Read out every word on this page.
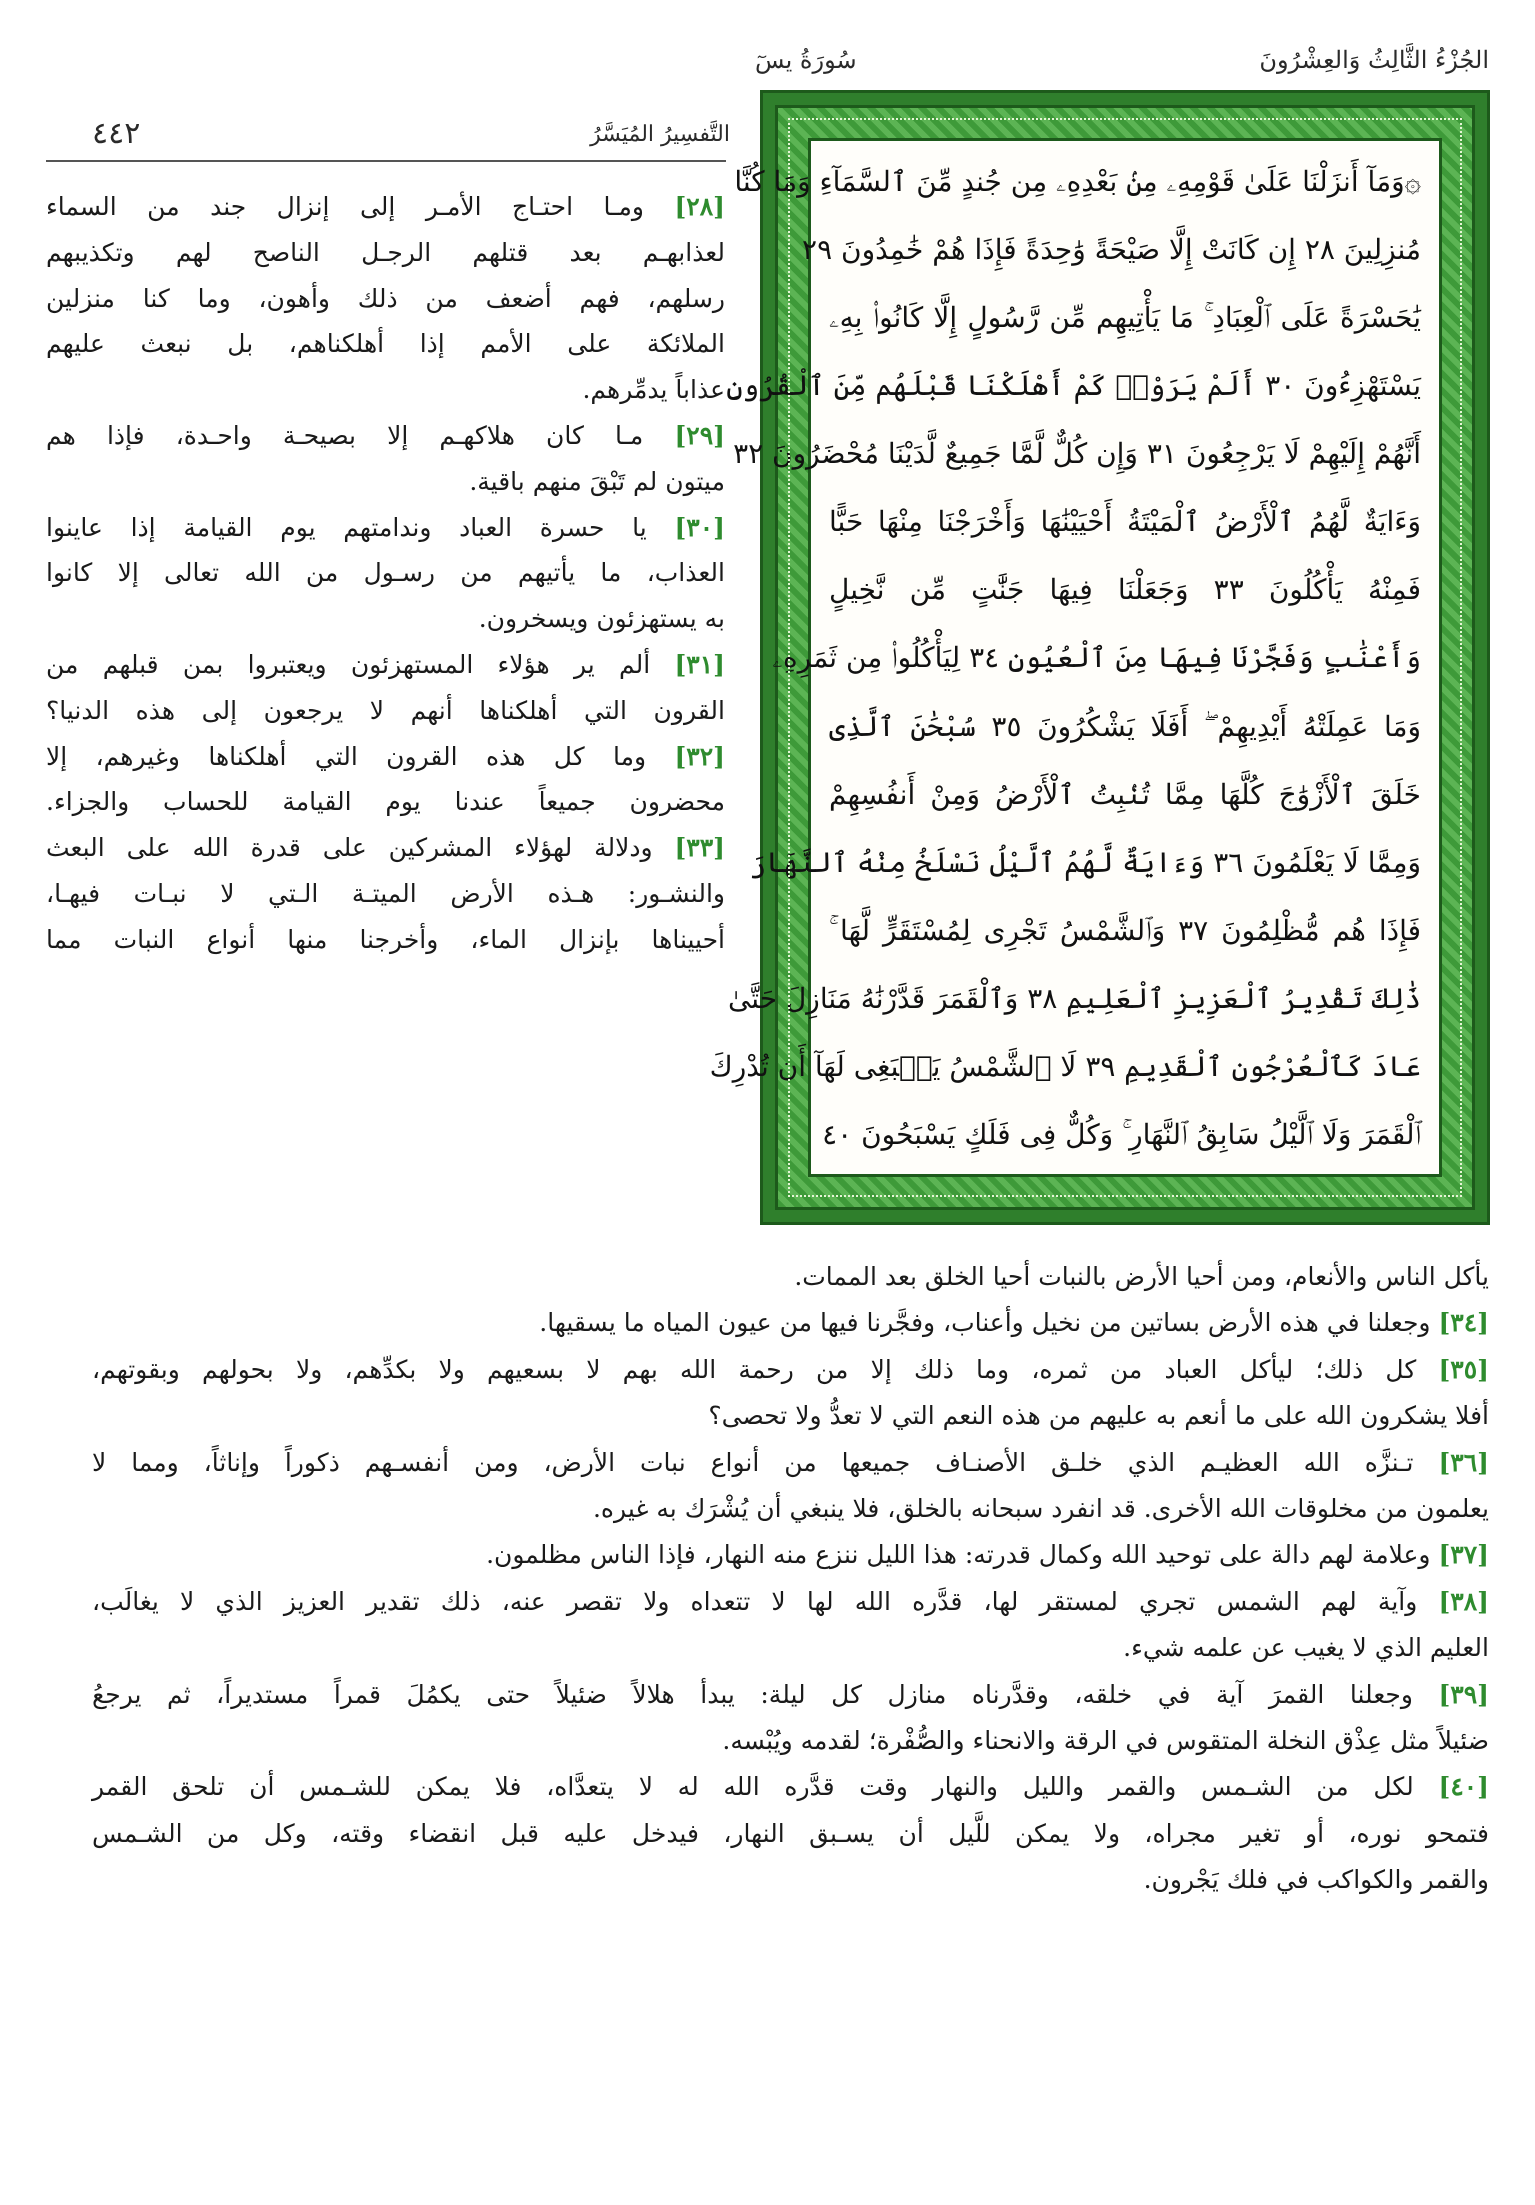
الجُزْءُ الثَّالِثُ وَالعِشْرُونَ
سُورَةُ يسٓ
التَّفسِيرُ المُيَسَّرُ
٤٤٢
۞وَمَآ أَنزَلْنَا عَلَىٰ قَوْمِهِۦ مِنۢ بَعْدِهِۦ مِن جُندٍ مِّنَ ٱلسَّمَآءِ وَمَا كُنَّا
مُنزِلِينَ ٢٨ إِن كَانَتْ إِلَّا صَيْحَةً وَٰحِدَةً فَإِذَا هُمْ خَٰمِدُونَ ٢٩
يَٰحَسْرَةً عَلَى ٱلْعِبَادِ ۚ مَا يَأْتِيهِم مِّن رَّسُولٍ إِلَّا كَانُوا۟ بِهِۦ
يَسْتَهْزِءُونَ ٣٠ أَلَمْ يَرَوْا۟ كَمْ أَهْلَكْنَا قَبْلَهُم مِّنَ ٱلْقُرُونِ
أَنَّهُمْ إِلَيْهِمْ لَا يَرْجِعُونَ ٣١ وَإِن كُلٌّ لَّمَّا جَمِيعٌ لَّدَيْنَا مُحْضَرُونَ ٣٢
وَءَايَةٌ لَّهُمُ ٱلْأَرْضُ ٱلْمَيْتَةُ أَحْيَيْنَٰهَا وَأَخْرَجْنَا مِنْهَا حَبًّا
فَمِنْهُ يَأْكُلُونَ ٣٣ وَجَعَلْنَا فِيهَا جَنَّٰتٍ مِّن نَّخِيلٍ
وَأَعْنَٰبٍ وَفَجَّرْنَا فِيهَا مِنَ ٱلْعُيُونِ ٣٤ لِيَأْكُلُوا۟ مِن ثَمَرِهِۦ
وَمَا عَمِلَتْهُ أَيْدِيهِمْ ۖ أَفَلَا يَشْكُرُونَ ٣٥ سُبْحَٰنَ ٱلَّذِى
خَلَقَ ٱلْأَزْوَٰجَ كُلَّهَا مِمَّا تُنۢبِتُ ٱلْأَرْضُ وَمِنْ أَنفُسِهِمْ
وَمِمَّا لَا يَعْلَمُونَ ٣٦ وَءَايَةٌ لَّهُمُ ٱلَّيْلُ نَسْلَخُ مِنْهُ ٱلنَّهَارَ
فَإِذَا هُم مُّظْلِمُونَ ٣٧ وَٱلشَّمْسُ تَجْرِى لِمُسْتَقَرٍّ لَّهَا ۚ
ذَٰلِكَ تَقْدِيرُ ٱلْعَزِيزِ ٱلْعَلِيمِ ٣٨ وَٱلْقَمَرَ قَدَّرْنَٰهُ مَنَازِلَ حَتَّىٰ
عَادَ كَٱلْعُرْجُونِ ٱلْقَدِيمِ ٣٩ لَا ٱلشَّمْسُ يَنۢبَغِى لَهَآ أَن تُدْرِكَ
ٱلْقَمَرَ وَلَا ٱلَّيْلُ سَابِقُ ٱلنَّهَارِ ۚ وَكُلٌّ فِى فَلَكٍ يَسْبَحُونَ ٤٠
[٢٨] ومـا احتـاج الأمـر إلى إنزال جند من السماء
لعذابهـم بعد قتلهم الرجـل الناصح لهم وتكذيبهم
رسلهم، فهم أضعف من ذلك وأهون، وما كنا منزلين
الملائكة على الأمم إذا أهلكناهم، بل نبعث عليهم
عذاباً يدمِّرهم.
[٢٩] مـا كان هلاكهـم إلا بصيحـة واحـدة، فإذا هم
ميتون لم تَبْقَ منهم باقية.
[٣٠] يا حسرة العباد وندامتهم يوم القيامة إذا عاينوا
العذاب، ما يأتيهم من رسـول من الله تعالى إلا كانوا
به يستهزئون ويسخرون.
[٣١] ألم ير هؤلاء المستهزئون ويعتبروا بمن قبلهم من
القرون التي أهلكناها أنهم لا يرجعون إلى هذه الدنيا؟
[٣٢] وما كل هذه القرون التي أهلكناها وغيرهم، إلا
محضرون جميعاً عندنا يوم القيامة للحساب والجزاء.
[٣٣] ودلالة لهؤلاء المشركين على قدرة الله على البعث
والنشـور: هـذه الأرض الميتـة الـتي لا نبـات فيهـا،
أحييناها بإنزال الماء، وأخرجنا منها أنواع النبات مما
يأكل الناس والأنعام، ومن أحيا الأرض بالنبات أحيا الخلق بعد الممات.
[٣٤] وجعلنا في هذه الأرض بساتين من نخيل وأعناب، وفجَّرنا فيها من عيون المياه ما يسقيها.
[٣٥] كل ذلك؛ ليأكل العباد من ثمره، وما ذلك إلا من رحمة الله بهم لا بسعيهم ولا بكدِّهم، ولا بحولهم وبقوتهم،
أفلا يشكرون الله على ما أنعم به عليهم من هذه النعم التي لا تعدُّ ولا تحصى؟
[٣٦] تـنزَّه الله العظيـم الذي خلـق الأصنـاف جميعها من أنواع نبات الأرض، ومن أنفسـهم ذكوراً وإناثاً، ومما لا
يعلمون من مخلوقات الله الأخرى. قد انفرد سبحانه بالخلق، فلا ينبغي أن يُشْرَك به غيره.
[٣٧] وعلامة لهم دالة على توحيد الله وكمال قدرته: هذا الليل ننزع منه النهار، فإذا الناس مظلمون.
[٣٨] وآية لهم الشمس تجري لمستقر لها، قدَّره الله لها لا تتعداه ولا تقصر عنه، ذلك تقدير العزيز الذي لا يغالَب،
العليم الذي لا يغيب عن علمه شيء.
[٣٩] وجعلنا القمرَ آية في خلقه، وقدَّرناه منازل كل ليلة: يبدأ هلالاً ضئيلاً حتى يكمُلَ قمراً مستديراً، ثم يرجعُ
ضئيلاً مثل عِذْق النخلة المتقوس في الرقة والانحناء والصُّفْرة؛ لقدمه ويُبْسه.
[٤٠] لكل من الشـمس والقمر والليل والنهار وقت قدَّره الله له لا يتعدَّاه، فلا يمكن للشـمس أن تلحق القمر
فتمحو نوره، أو تغير مجراه، ولا يمكن للَّيل أن يسـبق النهار، فيدخل عليه قبل انقضاء وقته، وكل من الشـمس
والقمر والكواكب في فلك يَجْرون.
